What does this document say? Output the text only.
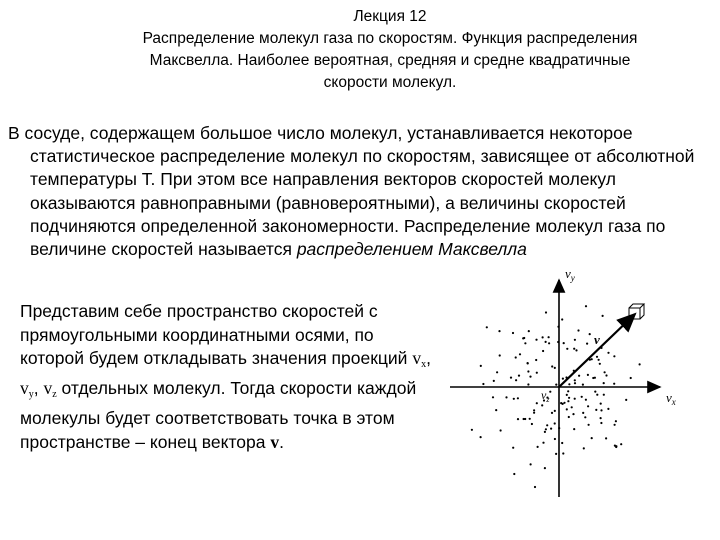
Лекция 12
Распределение молекул газа по скоростям. Функция распределения
Максвелла. Наиболее вероятная, средняя и средне квадратичные
скорости молекул.
В сосуде, содержащем большое число молекул, устанавливается некоторое статистическое распределение молекул по скоростям, зависящее от абсолютной температуры Т. При этом все направления векторов скоростей молекул оказываются равноправными (равновероятными), а величины скоростей подчиняются определенной закономерности. Распределение молекул газа по величине скоростей называется распределением Максвелла
$v_y$
$v_x$
v
$v_z$
Представим себе пространство скоростей с прямоугольными координатными осями, по которой будем откладывать значения проекций $v_x$, $v_y$, $v_z$ отдельных молекул. Тогда скорости каждой молекулы будет соответствовать точка в этом пространстве – конец вектора v.
